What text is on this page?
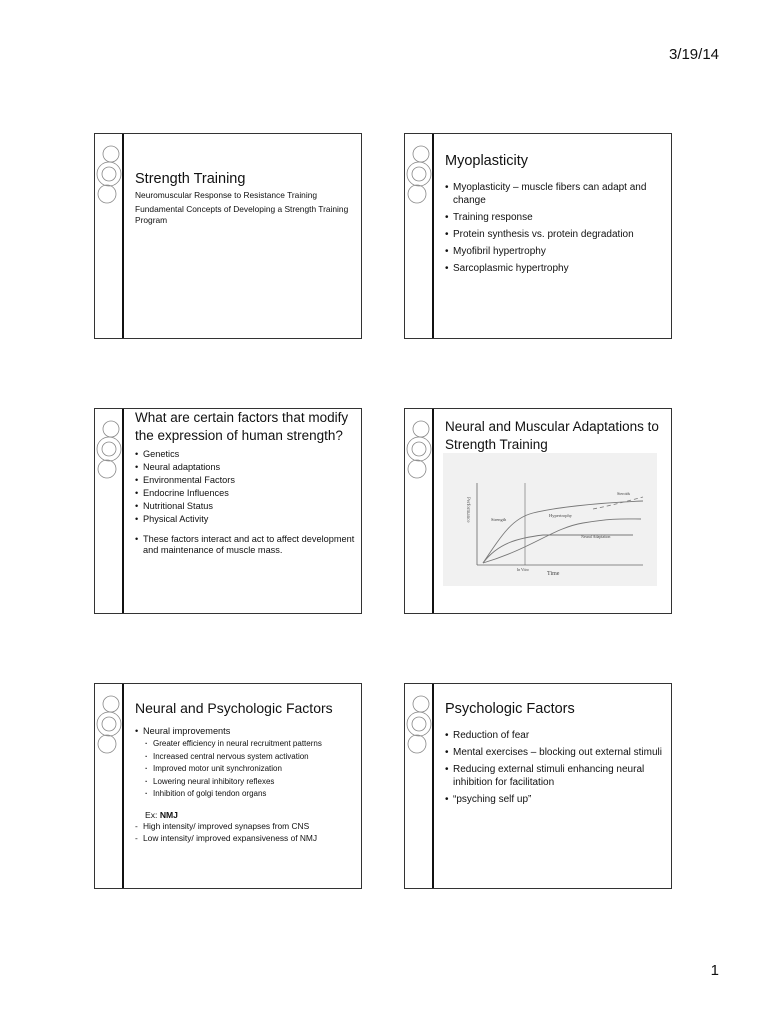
3/19/14
Strength Training
Neuromuscular Response to Resistance Training
Fundamental Concepts of Developing a Strength Training Program
Myoplasticity
• Myoplasticity – muscle fibers can adapt and change
• Training response
• Protein synthesis vs. protein degradation
• Myofibril hypertrophy
• Sarcoplasmic hypertrophy
What are certain factors that modify the expression of human strength?
• Genetics
• Neural adaptations
• Environmental Factors
• Endocrine Influences
• Nutritional Status
• Physical Activity
• These factors interact and act to affect development and maintenance of muscle mass.
Neural and Muscular Adaptations to Strength Training
Performance	Strength
Hypertrophy
Neural Adaptation
Steroids
In Vitro
Time
Neural and Psychologic Factors
• Neural improvements
· Greater efficiency in neural recruitment patterns
· Increased central nervous system activation
· Improved motor unit synchronization
· Lowering neural inhibitory reflexes
· Inhibition of golgi tendon organs
Ex: NMJ
- High intensity/ improved synapses from CNS
- Low intensity/ improved expansiveness of NMJ
Psychologic Factors
• Reduction of fear
• Mental exercises – blocking out external stimuli
• Reducing external stimuli enhancing neural inhibition for facilitation
• “psyching self up”
1
